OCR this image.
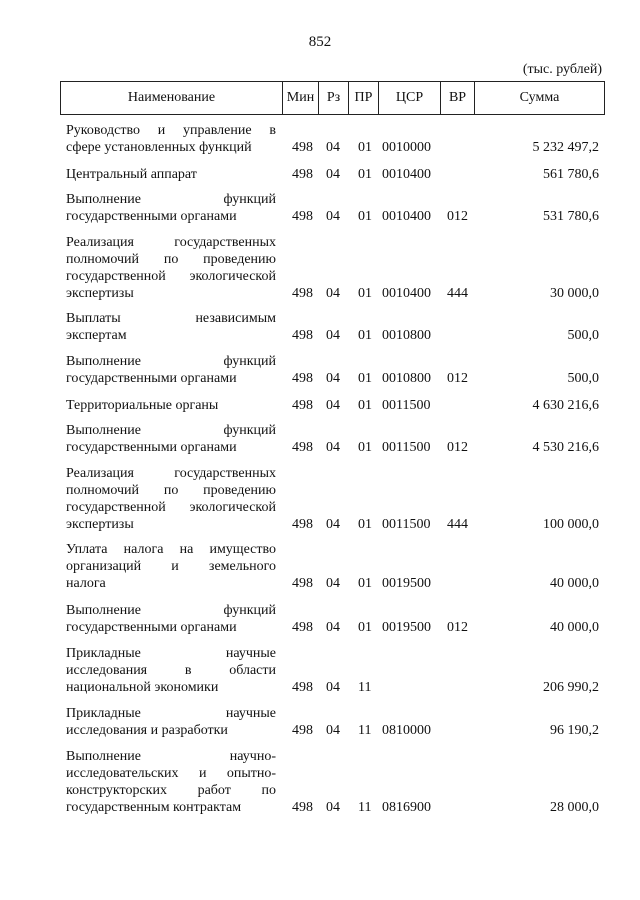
852
(тыс. рублей)
Наименование	Мин Рз	ПР	ЦСР	ВР	Сумма
Руководство и управление в
сфере установленных функций	498 04 01 0010000	5 232 497,2
Центральный аппарат	498 04 01 0010400	561 780,6
Выполнение функций
государственными органами	498 04 01 0010400 012	531 780,6
Реализация государственных
полномочий по проведению
государственной экологической
экспертизы	498 04 01 0010400 444	30 000,0
Выплаты независимым
экспертам	498 04 01 0010800	500,0
Выполнение функций
государственными органами	498 04 01 0010800 012	500,0
Территориальные органы	498 04 01 0011500	4 630 216,6
Выполнение функций
государственными органами	498 04 01 0011500 012	4 530 216,6
Реализация государственных
полномочий по проведению
государственной экологической
экспертизы	498 04 01 0011500 444	100 000,0
Уплата налога на имущество
организаций и земельного
налога	498 04 01 0019500	40 000,0
Выполнение функций
государственными органами	498 04 01 0019500 012	40 000,0
Прикладные научные
исследования в области
национальной экономики	498 04 11	206 990,2
Прикладные научные
исследования и разработки	498 04 11 0810000	96 190,2
Выполнение научно-
исследовательских и опытно-
конструкторских работ по
государственным контрактам	498 04 11 0816900	28 000,0
